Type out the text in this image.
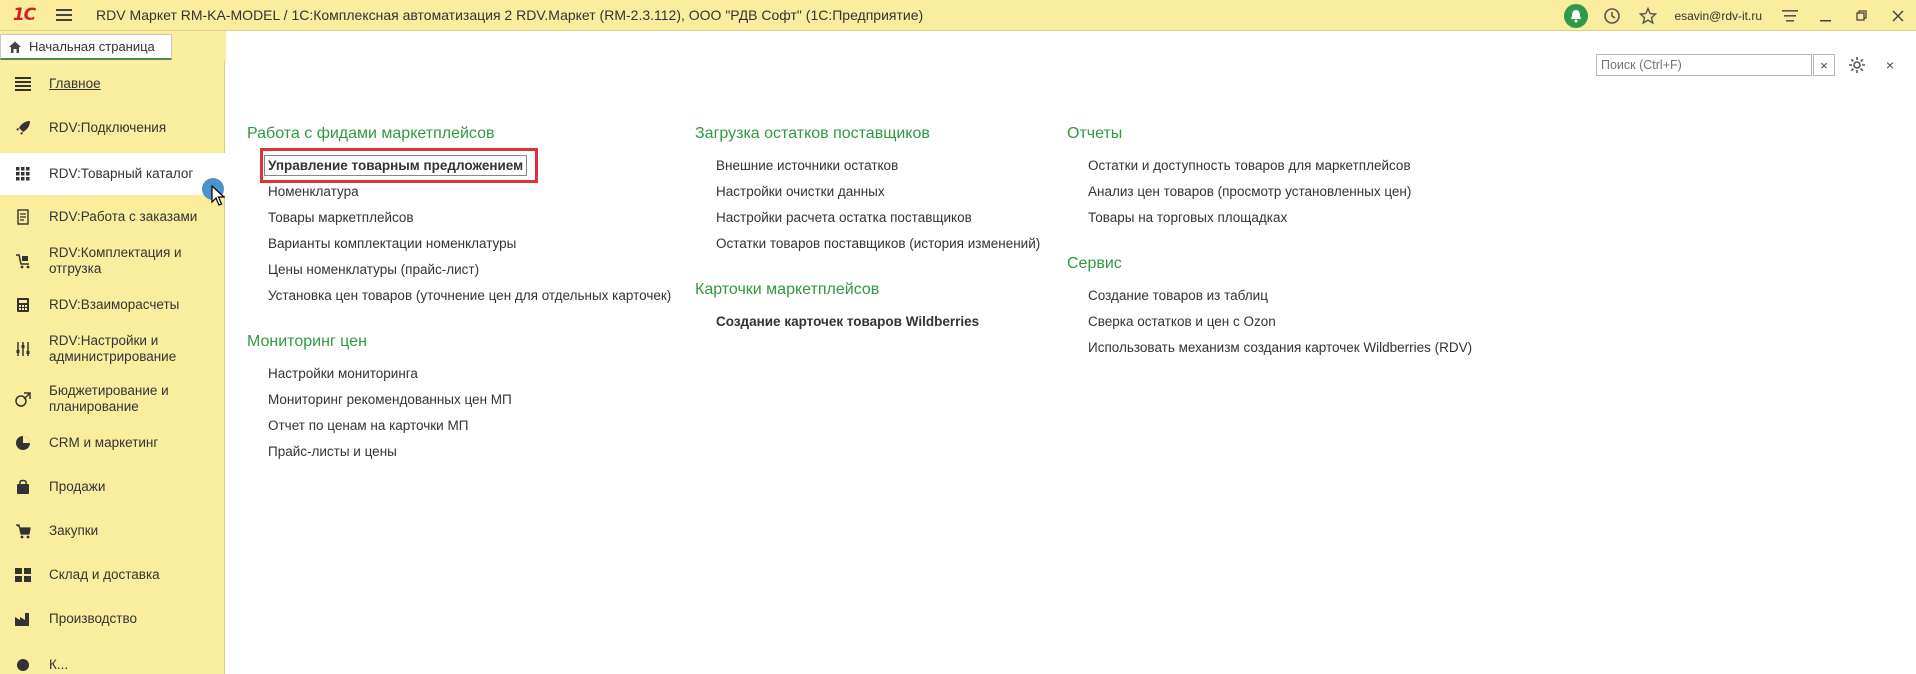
1С	RDV Маркет RM-KA-MODEL / 1С:Комплексная автоматизация 2 RDV.Маркет (RM-2.3.112), ООО "РДВ Софт" (1С:Предприятие)	esavin@rdv-it.ru
Начальная страница
Главное
RDV:Подключения
RDV:Товарный каталог
RDV:Работа с заказами
RDV:Комплектация и отгрузка
RDV:Взаиморасчеты
RDV:Настройки и администрирование
Бюджетирование и планирование
CRM и маркетинг
Продажи
Закупки
Склад и доставка
Производство
К...
Поиск (Ctrl+F)
×	×
Работа с фидами маркетплейсов
Управление товарным предложением
Номенклатура
Товары маркетплейсов
Варианты комплектации номенклатуры
Цены номенклатуры (прайс-лист)
Установка цен товаров (уточнение цен для отдельных карточек)
Мониторинг цен
Настройки мониторинга
Мониторинг рекомендованных цен МП
Отчет по ценам на карточки МП
Прайс-листы и цены
Загрузка остатков поставщиков
Внешние источники остатков
Настройки очистки данных
Настройки расчета остатка поставщиков
Остатки товаров поставщиков (история изменений)
Карточки маркетплейсов
Создание карточек товаров Wildberries
Отчеты
Остатки и доступность товаров для маркетплейсов
Анализ цен товаров (просмотр установленных цен)
Товары на торговых площадках
Сервис
Создание товаров из таблиц
Сверка остатков и цен с Ozon
Использовать механизм создания карточек Wildberries (RDV)
